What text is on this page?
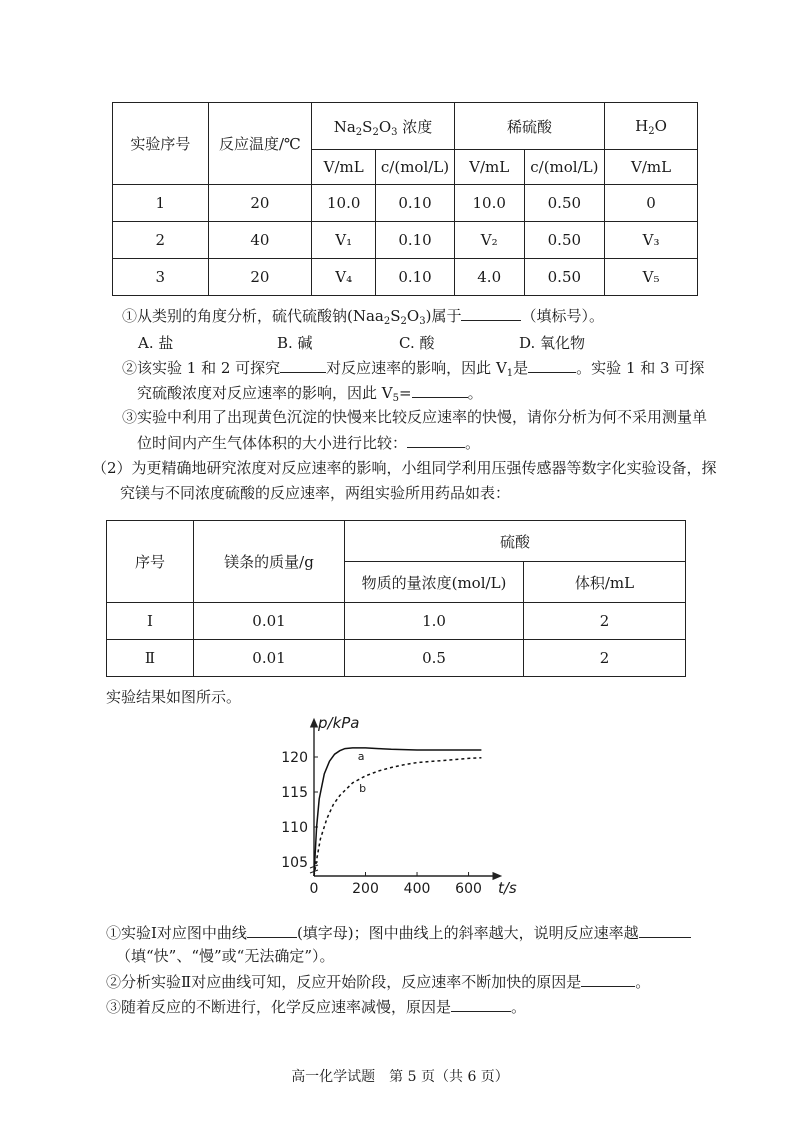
实验序号	反应温度/℃	$Na_2S_2O_3$ 浓度		稀硫酸		$H_2O$
		V/mL	c/(mol/L)	V/mL	c/(mol/L)	V/mL
1	20	10.0	0.10	10.0	0.50	0
2	40	V₁	0.10	V₂	0.50	V₃
3	20	V₄	0.10	4.0	0.50	V₅
①从类别的角度分析，硫代硫酸钠$(Naa_2S_2O_3)$属于	（填标号）。
A. 盐	B. 碱	C. 酸	D. 氧化物
②该实验 1 和 2 可探究	对反应速率的影响，因此 $V_1$是	。实验 1 和 3 可探
究硫酸浓度对反应速率的影响，因此 $V_5=$	。
③实验中利用了出现黄色沉淀的快慢来比较反应速率的快慢，请你分析为何不采用测量单
位时间内产生气体体积的大小进行比较：	。
（2）为更精确地研究浓度对反应速率的影响，小组同学利用压强传感器等数字化实验设备，探
究镁与不同浓度硫酸的反应速率，两组实验所用药品如表：
序号	镁条的质量/g	硫酸	
		物质的量浓度(mol/L)	体积/mL
Ⅰ	0.01	1.0	2
Ⅱ	0.01	0.5	2
实验结果如图所示。
105
110
115
120
0 200 400 600
a
b
p/kPa
t/s
①实验Ⅰ对应图中曲线	(填字母)；图中曲线上的斜率越大，说明反应速率越
（填“快”、“慢”或“无法确定”）。
②分析实验Ⅱ对应曲线可知，反应开始阶段，反应速率不断加快的原因是	。
③随着反应的不断进行，化学反应速率减慢，原因是	。
高一化学试题　第 5 页（共 6 页）
